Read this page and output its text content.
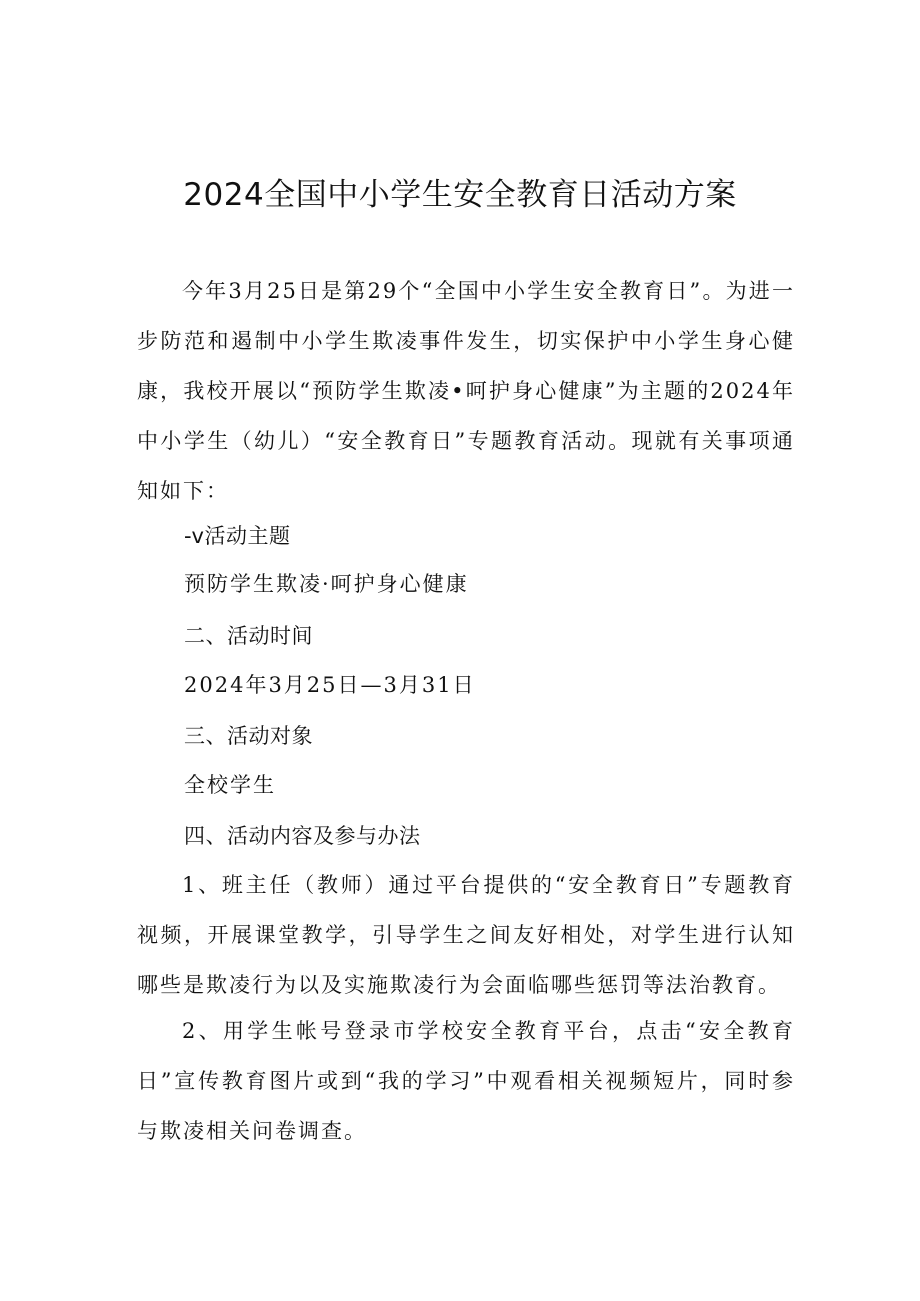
2024全国中小学生安全教育日活动方案
今年3月25日是第29个“全国中小学生安全教育日”。为进一步防范和遏制中小学生欺凌事件发生，切实保护中小学生身心健康，我校开展以“预防学生欺凌•呵护身心健康”为主题的2024年中小学生（幼儿）“安全教育日”专题教育活动。现就有关事项通知如下：
-v活动主题
预防学生欺凌·呵护身心健康
二、活动时间
2024年3月25日—3月31日
三、活动对象
全校学生
四、活动内容及参与办法
1、班主任（教师）通过平台提供的“安全教育日”专题教育视频，开展课堂教学，引导学生之间友好相处，对学生进行认知哪些是欺凌行为以及实施欺凌行为会面临哪些惩罚等法治教育。
2、用学生帐号登录市学校安全教育平台，点击“安全教育日”宣传教育图片或到“我的学习”中观看相关视频短片，同时参与欺凌相关问卷调查。
